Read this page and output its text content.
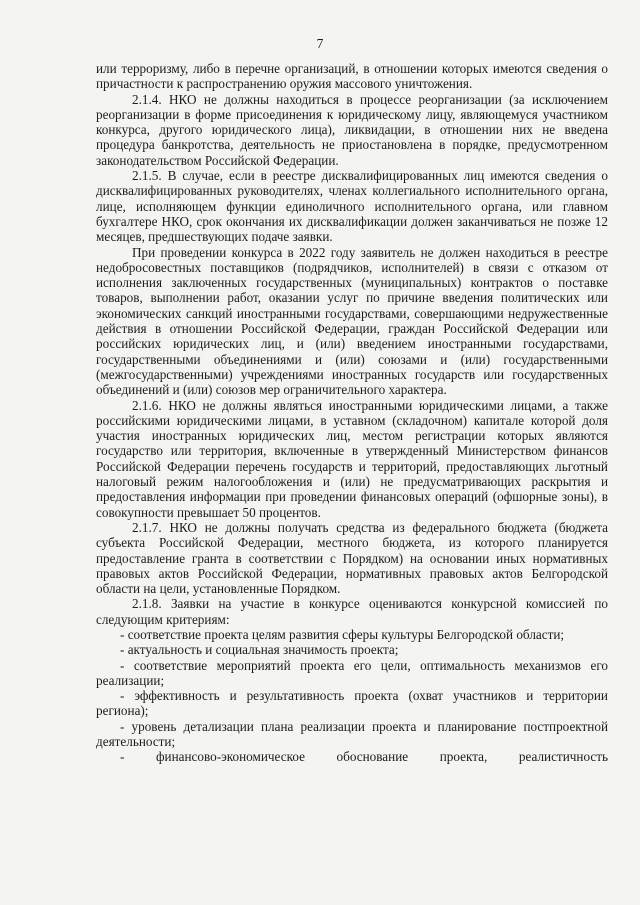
7

или терроризму, либо в перечне организаций, в отношении которых имеются сведения о причастности к распространению оружия массового уничтожения.

2.1.4. НКО не должны находиться в процессе реорганизации (за исключением реорганизации в форме присоединения к юридическому лицу, являющемуся участником конкурса, другого юридического лица), ликвидации, в отношении них не введена процедура банкротства, деятельность не приостановлена в порядке, предусмотренном законодательством Российской Федерации.

2.1.5. В случае, если в реестре дисквалифицированных лиц имеются сведения о дисквалифицированных руководителях, членах коллегиального исполнительного органа, лице, исполняющем функции единоличного исполнительного органа, или главном бухгалтере НКО, срок окончания их дисквалификации должен заканчиваться не позже 12 месяцев, предшествующих подаче заявки.

При проведении конкурса в 2022 году заявитель не должен находиться в реестре недобросовестных поставщиков (подрядчиков, исполнителей) в связи с отказом от исполнения заключенных государственных (муниципальных) контрактов о поставке товаров, выполнении работ, оказании услуг по причине введения политических или экономических санкций иностранными государствами, совершающими недружественные действия в отношении Российской Федерации, граждан Российской Федерации или российских юридических лиц, и (или) введением иностранными государствами, государственными объединениями и (или) союзами и (или) государственными (межгосударственными) учреждениями иностранных государств или государственных объединений и (или) союзов мер ограничительного характера.

2.1.6. НКО не должны являться иностранными юридическими лицами, а также российскими юридическими лицами, в уставном (складочном) капитале которой доля участия иностранных юридических лиц, местом регистрации которых являются государство или территория, включенные в утвержденный Министерством финансов Российской Федерации перечень государств и территорий, предоставляющих льготный налоговый режим налогообложения и (или) не предусматривающих раскрытия и предоставления информации при проведении финансовых операций (офшорные зоны), в совокупности превышает 50 процентов.

2.1.7. НКО не должны получать средства из федерального бюджета (бюджета субъекта Российской Федерации, местного бюджета, из которого планируется предоставление гранта в соответствии с Порядком) на основании иных нормативных правовых актов Российской Федерации, нормативных правовых актов Белгородской области на цели, установленные Порядком.

2.1.8. Заявки на участие в конкурсе оцениваются конкурсной комиссией по следующим критериям:

- соответствие проекта целям развития сферы культуры Белгородской области;

- актуальность и социальная значимость проекта;

- соответствие мероприятий проекта его цели, оптимальность механизмов его реализации;

- эффективность и результативность проекта (охват участников и территории региона);

- уровень детализации плана реализации проекта и планирование постпроектной деятельности;

- финансово-экономическое обоснование проекта, реалистичность
